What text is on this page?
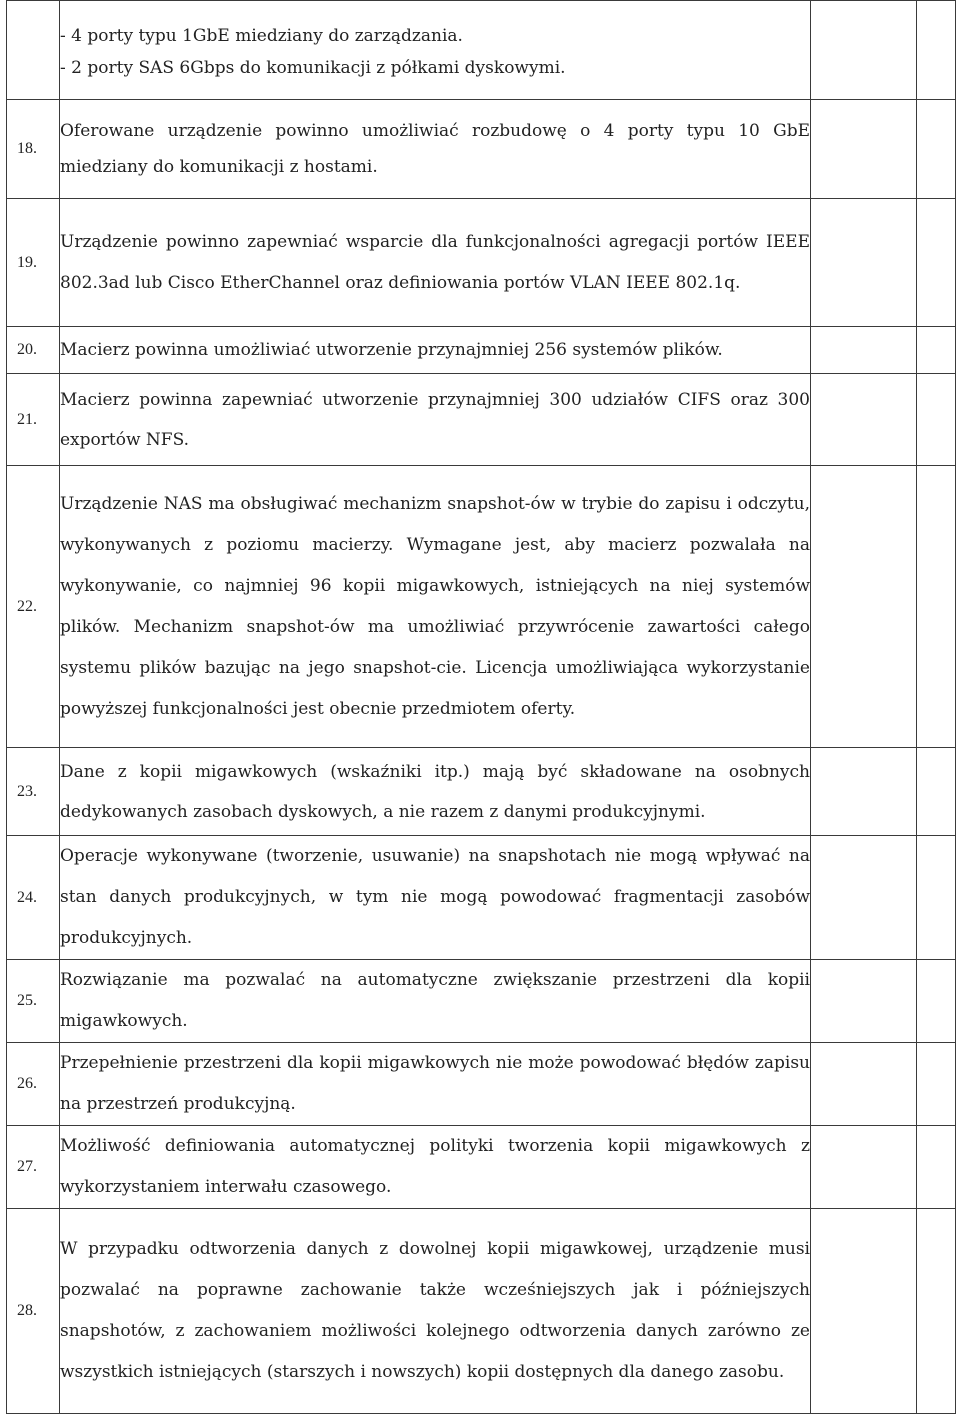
	- 4 porty typu 1GbE miedziany do zarządzania.
- 2 porty SAS 6Gbps do komunikacji z półkami dyskowymi.		

18.	Oferowane urządzenie powinno umożliwiać rozbudowę o 4 porty typu 10 GbE miedziany do komunikacji z hostami.		
19.	Urządzenie powinno zapewniać wsparcie dla funkcjonalności agregacji portów IEEE 802.3ad lub Cisco EtherChannel oraz definiowania portów VLAN IEEE 802.1q.		
20.	Macierz powinna umożliwiać utworzenie przynajmniej 256 systemów plików.		
21.	Macierz powinna zapewniać utworzenie przynajmniej 300 udziałów CIFS oraz 300 exportów NFS.		
22.	Urządzenie NAS ma obsługiwać mechanizm snapshot-ów w trybie do zapisu i odczytu, wykonywanych z poziomu macierzy. Wymagane jest, aby macierz pozwalała na wykonywanie, co najmniej 96 kopii migawkowych, istniejących na niej systemów plików. Mechanizm snapshot-ów ma umożliwiać przywrócenie zawartości całego systemu plików bazując na jego snapshot-cie. Licencja umożliwiająca wykorzystanie powyższej funkcjonalności jest obecnie przedmiotem oferty.		
23.	Dane z kopii migawkowych (wskaźniki itp.) mają być składowane na osobnych dedykowanych zasobach dyskowych, a nie razem z danymi produkcyjnymi.		
24.	Operacje wykonywane (tworzenie, usuwanie) na snapshotach nie mogą wpływać na stan danych produkcyjnych, w tym nie mogą powodować fragmentacji zasobów produkcyjnych.		
25.	Rozwiązanie ma pozwalać na automatyczne zwiększanie przestrzeni dla kopii migawkowych.		
26.	Przepełnienie przestrzeni dla kopii migawkowych nie może powodować błędów zapisu na przestrzeń produkcyjną.		
27.	Możliwość definiowania automatycznej polityki tworzenia kopii migawkowych z wykorzystaniem interwału czasowego.		
28.	W przypadku odtworzenia danych z dowolnej kopii migawkowej, urządzenie musi pozwalać na poprawne zachowanie także wcześniejszych jak i późniejszych snapshotów, z zachowaniem możliwości kolejnego odtworzenia danych zarówno ze wszystkich istniejących (starszych i nowszych) kopii dostępnych dla danego zasobu.		
